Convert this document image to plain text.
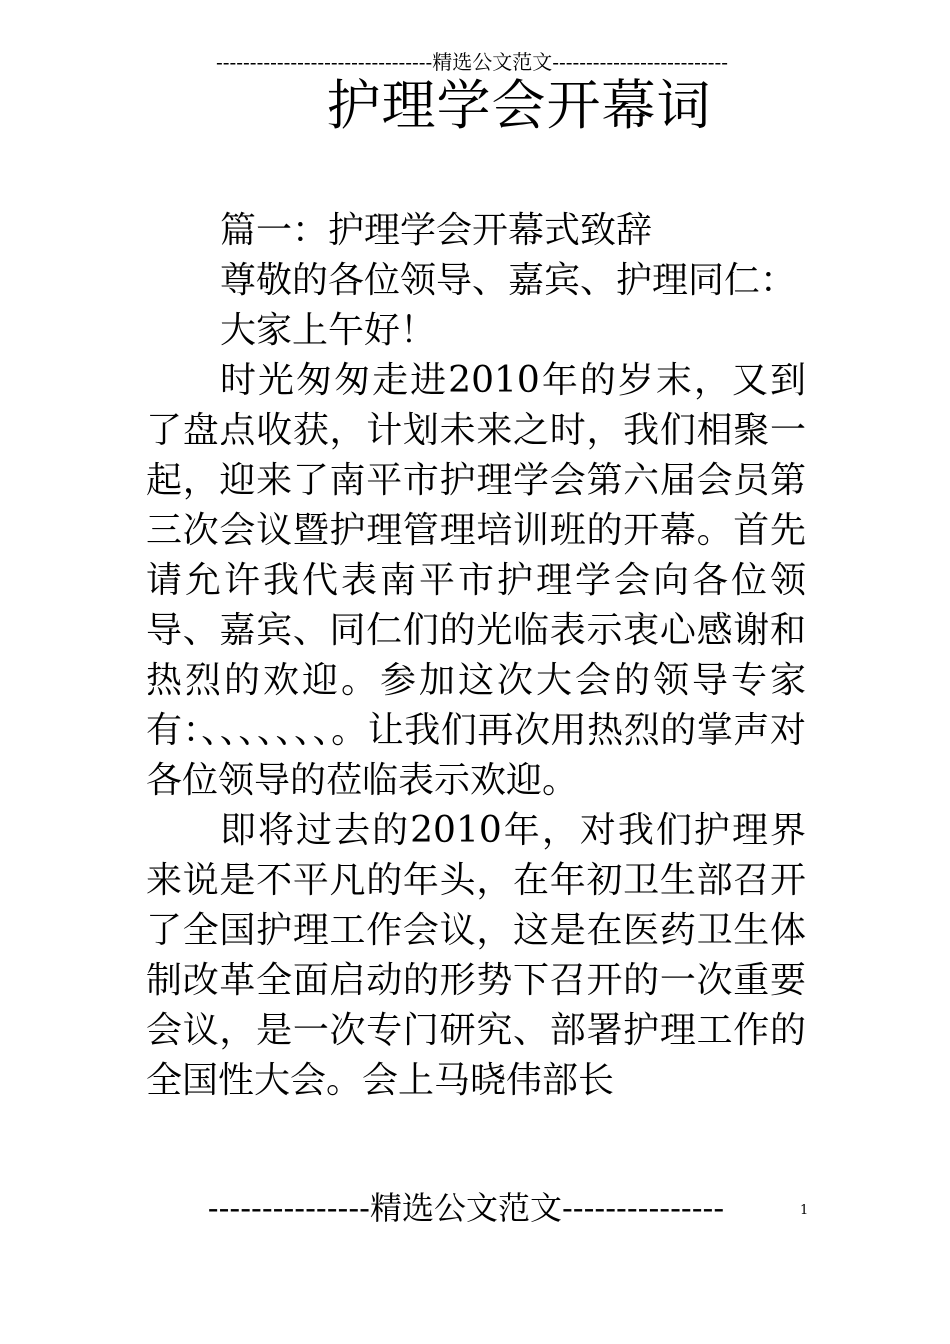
--------------------------------精选公文范文--------------------------
护理学会开幕词

篇一：护理学会开幕式致辞

尊敬的各位领导、嘉宾、护理同仁：

大家上午好！

时光匆匆走进2010年的岁末，又到了盘点收获，计划未来之时，我们相聚一起，迎来了南平市护理学会第六届会员第三次会议暨护理管理培训班的开幕。首先请允许我代表南平市护理学会向各位领导、嘉宾、同仁们的光临表示衷心感谢和热烈的欢迎。参加这次大会的领导专家有：、、、、、、、。让我们再次用热烈的掌声对各位领导的莅临表示欢迎。

即将过去的2010年，对我们护理界来说是不平凡的年头，在年初卫生部召开了全国护理工作会议，这是在医药卫生体制改革全面启动的形势下召开的一次重要会议，是一次专门研究、部署护理工作的全国性大会。会上马晓伟部长

---------------精选公文范文---------------	1
